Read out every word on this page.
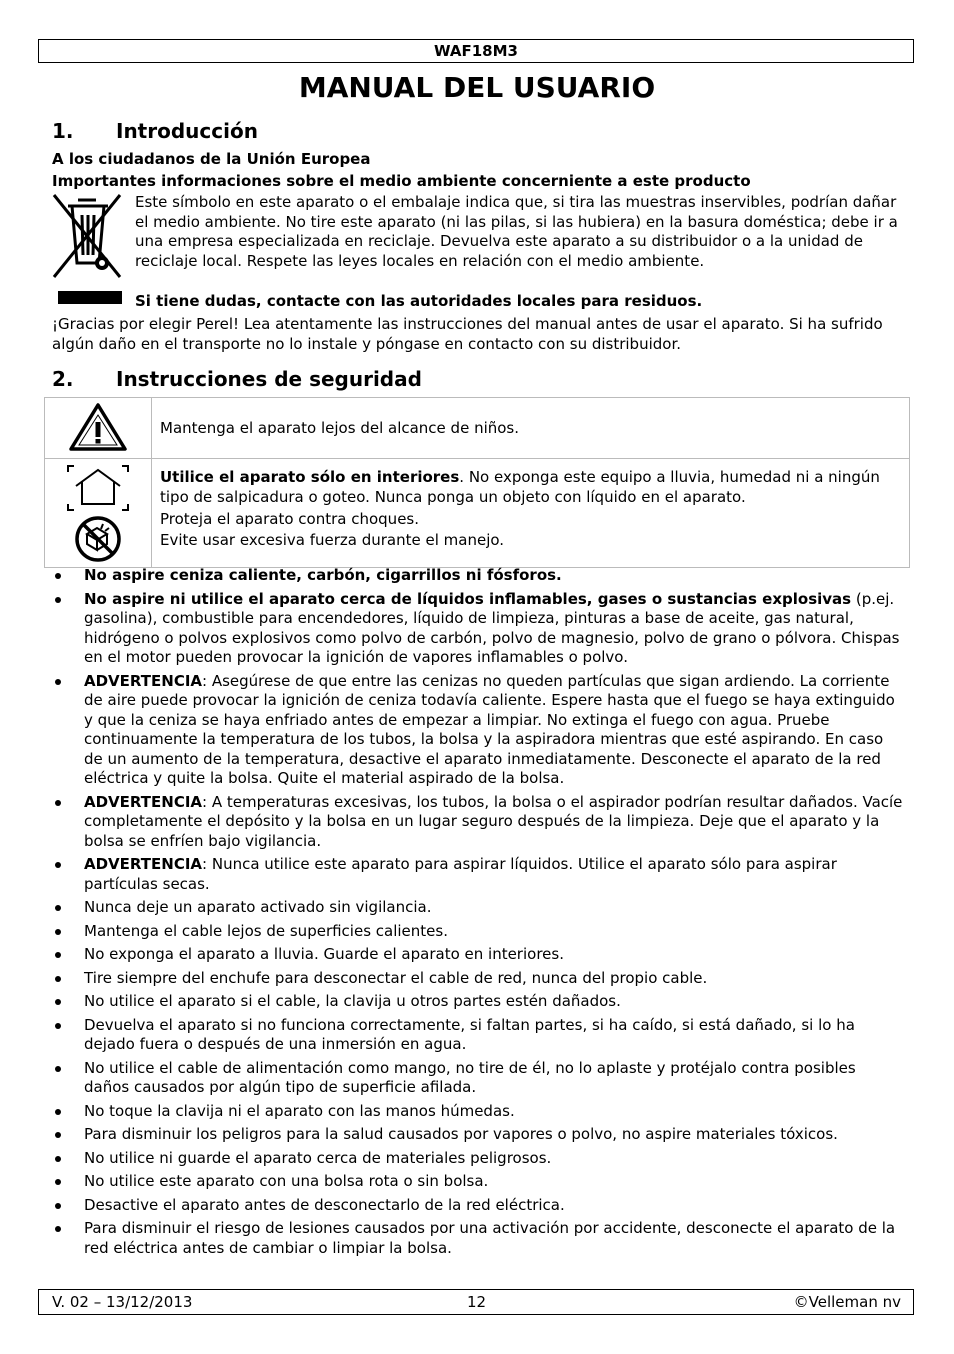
WAF18M3
MANUAL DEL USUARIO
1. Introducción
A los ciudadanos de la Unión Europea
Importantes informaciones sobre el medio ambiente concerniente a este producto
Este símbolo en este aparato o el embalaje indica que, si tira las muestras inservibles, podrían dañar el medio ambiente. No tire este aparato (ni las pilas, si las hubiera) en la basura doméstica; debe ir a una empresa especializada en reciclaje. Devuelva este aparato a su distribuidor o a la unidad de reciclaje local. Respete las leyes locales en relación con el medio ambiente.
Si tiene dudas, contacte con las autoridades locales para residuos.
¡Gracias por elegir Perel! Lea atentamente las instrucciones del manual antes de usar el aparato. Si ha sufrido algún daño en el transporte no lo instale y póngase en contacto con su distribuidor.
2. Instrucciones de seguridad
	Mantenga el aparato lejos del alcance de niños.

Utilice el aparato sólo en interiores. No exponga este equipo a lluvia, humedad ni a ningún tipo de salpicadura o goteo. Nunca ponga un objeto con líquido en el aparato.
Proteja el aparato contra choques.
Evite usar excesiva fuerza durante el manejo.
No aspire ceniza caliente, carbón, cigarrillos ni fósforos.
No aspire ni utilice el aparato cerca de líquidos inflamables, gases o sustancias explosivas (p.ej. gasolina), combustible para encendedores, líquido de limpieza, pinturas a base de aceite, gas natural, hidrógeno o polvos explosivos como polvo de carbón, polvo de magnesio, polvo de grano o pólvora. Chispas en el motor pueden provocar la ignición de vapores inflamables o polvo.
ADVERTENCIA: Asegúrese de que entre las cenizas no queden partículas que sigan ardiendo. La corriente de aire puede provocar la ignición de ceniza todavía caliente. Espere hasta que el fuego se haya extinguido y que la ceniza se haya enfriado antes de empezar a limpiar. No extinga el fuego con agua. Pruebe continuamente la temperatura de los tubos, la bolsa y la aspiradora mientras que esté aspirando. En caso de un aumento de la temperatura, desactive el aparato inmediatamente. Desconecte el aparato de la red eléctrica y quite la bolsa. Quite el material aspirado de la bolsa.
ADVERTENCIA: A temperaturas excesivas, los tubos, la bolsa o el aspirador podrían resultar dañados. Vacíe completamente el depósito y la bolsa en un lugar seguro después de la limpieza. Deje que el aparato y la bolsa se enfríen bajo vigilancia.
ADVERTENCIA: Nunca utilice este aparato para aspirar líquidos. Utilice el aparato sólo para aspirar partículas secas.
Nunca deje un aparato activado sin vigilancia.
Mantenga el cable lejos de superficies calientes.
No exponga el aparato a lluvia. Guarde el aparato en interiores.
Tire siempre del enchufe para desconectar el cable de red, nunca del propio cable.
No utilice el aparato si el cable, la clavija u otros partes estén dañados.
Devuelva el aparato si no funciona correctamente, si faltan partes, si ha caído, si está dañado, si lo ha dejado fuera o después de una inmersión en agua.
No utilice el cable de alimentación como mango, no tire de él, no lo aplaste y protéjalo contra posibles daños causados por algún tipo de superficie afilada.
No toque la clavija ni el aparato con las manos húmedas.
Para disminuir los peligros para la salud causados por vapores o polvo, no aspire materiales tóxicos.
No utilice ni guarde el aparato cerca de materiales peligrosos.
No utilice este aparato con una bolsa rota o sin bolsa.
Desactive el aparato antes de desconectarlo de la red eléctrica.
Para disminuir el riesgo de lesiones causados por una activación por accidente, desconecte el aparato de la red eléctrica antes de cambiar o limpiar la bolsa.
V. 02 – 13/12/2013	12	©Velleman nv
